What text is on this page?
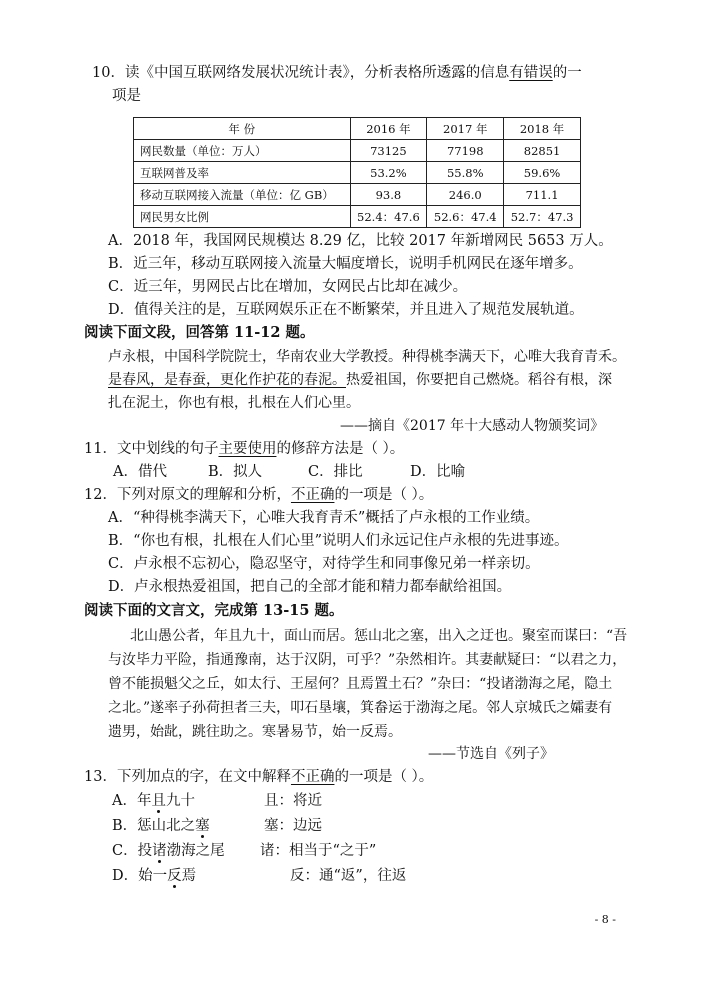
10．读《中国互联网络发展状况统计表》，分析表格所透露的信息有错误的一
项是
年 份	2016 年	2017 年	2018 年
网民数量（单位：万人）	73125	77198	82851
互联网普及率	53.2%	55.8%	59.6%
移动互联网接入流量（单位：亿 GB）	93.8	246.0	711.1
网民男女比例	52.4：47.6	52.6：47.4	52.7：47.3
A．2018 年，我国网民规模达 8.29 亿，比较 2017 年新增网民 5653 万人。
B．近三年，移动互联网接入流量大幅度增长，说明手机网民在逐年增多。
C．近三年，男网民占比在增加，女网民占比却在减少。
D．值得关注的是，互联网娱乐正在不断繁荣，并且进入了规范发展轨道。
阅读下面文段，回答第 11-12 题。
卢永根，中国科学院院士，华南农业大学教授。种得桃李满天下，心唯大我育青禾。
是春风，是春蚕，更化作护花的春泥。热爱祖国，你要把自己燃烧。稻谷有根，深
扎在泥土，你也有根，扎根在人们心里。
——摘自《2017 年十大感动人物颁奖词》
11．文中划线的句子主要使用的修辞方法是（ ）。
A．借代	B．拟人	C．排比	D．比喻
12．下列对原文的理解和分析，不正确的一项是（ ）。
A．“种得桃李满天下，心唯大我育青禾”概括了卢永根的工作业绩。
B．“你也有根，扎根在人们心里”说明人们永远记住卢永根的先进事迹。
C．卢永根不忘初心，隐忍坚守，对待学生和同事像兄弟一样亲切。
D．卢永根热爱祖国，把自己的全部才能和精力都奉献给祖国。
阅读下面的文言文，完成第 13-15 题。
北山愚公者，年且九十，面山而居。惩山北之塞，出入之迂也。聚室而谋曰：“吾
与汝毕力平险，指通豫南，达于汉阴，可乎？”杂然相许。其妻献疑曰：“以君之力，
曾不能损魁父之丘，如太行、王屋何？且焉置土石？”杂曰：“投诸渤海之尾，隐土
之北。”遂率子孙荷担者三夫，叩石垦壤，箕畚运于渤海之尾。邻人京城氏之孀妻有
遗男，始龀，跳往助之。寒暑易节，始一反焉。
——节选自《列子》
13．下列加点的字，在文中解释不正确的一项是（ ）。
A．年且九十	且：将近
B．惩山北之塞	塞：边远
C．投诸渤海之尾 诸：相当于“之于”
D．始一反焉	反：通“返”，往返
- 8 -
